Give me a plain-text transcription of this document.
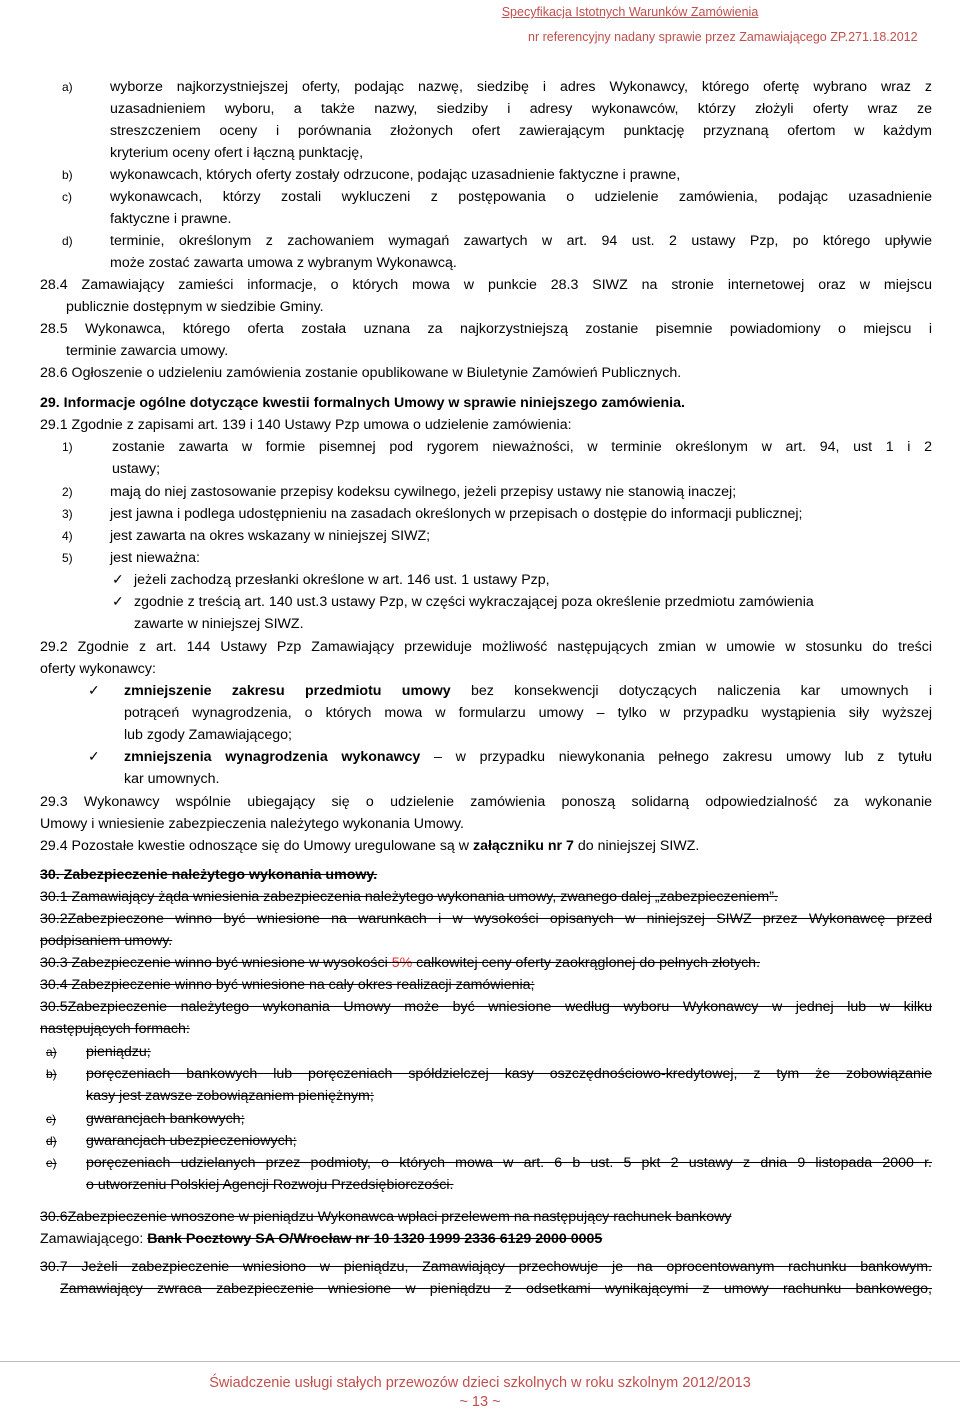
Specyfikacja Istotnych Warunków Zamówienia
nr referencyjny nadany sprawie przez Zamawiającego ZP.271.18.2012
a)	wyborze najkorzystniejszej oferty, podając nazwę, siedzibę i adres Wykonawcy, którego ofertę wybrano wraz z
uzasadnieniem wyboru, a także nazwy, siedziby i adresy wykonawców, którzy złożyli oferty wraz ze
streszczeniem oceny i porównania złożonych ofert zawierającym punktację przyznaną ofertom w każdym
kryterium oceny ofert i łączną punktację,
b)	wykonawcach, których oferty zostały odrzucone, podając uzasadnienie faktyczne i prawne,
c)	wykonawcach, którzy zostali wykluczeni z postępowania o udzielenie zamówienia, podając uzasadnienie
faktyczne i prawne.
d)	terminie, określonym z zachowaniem wymagań zawartych w art. 94 ust. 2 ustawy Pzp, po którego upływie
może zostać zawarta umowa z wybranym Wykonawcą.
28.4 Zamawiający zamieści informacje, o których mowa w punkcie 28.3 SIWZ na stronie internetowej oraz w miejscu
publicznie dostępnym w siedzibie Gminy.
28.5 Wykonawca, którego oferta została uznana za najkorzystniejszą zostanie pisemnie powiadomiony o miejscu i
terminie zawarcia umowy.
28.6 Ogłoszenie o udzieleniu zamówienia zostanie opublikowane w Biuletynie Zamówień Publicznych.
29. Informacje ogólne dotyczące kwestii formalnych Umowy w sprawie niniejszego zamówienia.
29.1 Zgodnie z zapisami art. 139 i 140 Ustawy Pzp umowa o udzielenie zamówienia:
1)	zostanie zawarta w formie pisemnej pod rygorem nieważności, w terminie określonym w art. 94, ust 1 i 2
ustawy;
2)	mają do niej zastosowanie przepisy kodeksu cywilnego, jeżeli przepisy ustawy nie stanowią inaczej;
3)	jest jawna i podlega udostępnieniu na zasadach określonych w przepisach o dostępie do informacji publicznej;
4)	jest zawarta na okres wskazany w niniejszej SIWZ;
5)	jest nieważna:
✓ jeżeli zachodzą przesłanki określone w art. 146 ust. 1 ustawy Pzp,
✓ zgodnie z treścią art. 140 ust.3 ustawy Pzp, w części wykraczającej poza określenie przedmiotu zamówienia
zawarte w niniejszej SIWZ.
29.2 Zgodnie z art. 144 Ustawy Pzp Zamawiający przewiduje możliwość następujących zmian w umowie w stosunku do treści
oferty wykonawcy:
✓ zmniejszenie zakresu przedmiotu umowy bez konsekwencji dotyczących naliczenia kar umownych i
potrąceń wynagrodzenia, o których mowa w formularzu umowy – tylko w przypadku wystąpienia siły wyższej
lub zgody Zamawiającego;
✓ zmniejszenia wynagrodzenia wykonawcy – w przypadku niewykonania pełnego zakresu umowy lub z tytułu
kar umownych.
29.3 Wykonawcy wspólnie ubiegający się o udzielenie zamówienia ponoszą solidarną odpowiedzialność za wykonanie
Umowy i wniesienie zabezpieczenia należytego wykonania Umowy.
29.4 Pozostałe kwestie odnoszące się do Umowy uregulowane są w załączniku nr 7 do niniejszej SIWZ.
30. Zabezpieczenie należytego wykonania umowy.
30.1 Zamawiający żąda wniesienia zabezpieczenia należytego wykonania umowy, zwanego dalej „zabezpieczeniem”.
30.2Zabezpieczone winno być wniesione na warunkach i w wysokości opisanych w niniejszej SIWZ przez Wykonawcę przed
podpisaniem umowy.
30.3 Zabezpieczenie winno być wniesione w wysokości 5% całkowitej ceny oferty zaokrąglonej do pełnych złotych.
30.4 Zabezpieczenie winno być wniesione na cały okres realizacji zamówienia;
30.5Zabezpieczenie należytego wykonania Umowy może być wniesione według wyboru Wykonawcy w jednej lub w kilku
następujących formach:
a) pieniądzu;
b) poręczeniach bankowych lub poręczeniach spółdzielczej kasy oszczędnościowo-kredytowej, z tym że zobowiązanie
kasy jest zawsze zobowiązaniem pieniężnym;
c) gwarancjach bankowych;
d) gwarancjach ubezpieczeniowych;
e) poręczeniach udzielanych przez podmioty, o których mowa w art. 6 b ust. 5 pkt 2 ustawy z dnia 9 listopada 2000 r.
o utworzeniu Polskiej Agencji Rozwoju Przedsiębiorczości.
30.6Zabezpieczenie wnoszone w pieniądzu Wykonawca wpłaci przelewem na następujący rachunek bankowy
Zamawiającego: Bank Pocztowy SA O/Wrocław nr 10 1320 1999 2336 6129 2000 0005
30.7 Jeżeli zabezpieczenie wniesiono w pieniądzu, Zamawiający przechowuje je na oprocentowanym rachunku bankowym.
Zamawiający zwraca zabezpieczenie wniesione w pieniądzu z odsetkami wynikającymi z umowy rachunku bankowego,
Świadczenie usługi stałych przewozów dzieci szkolnych w roku szkolnym 2012/2013
~ 13 ~
